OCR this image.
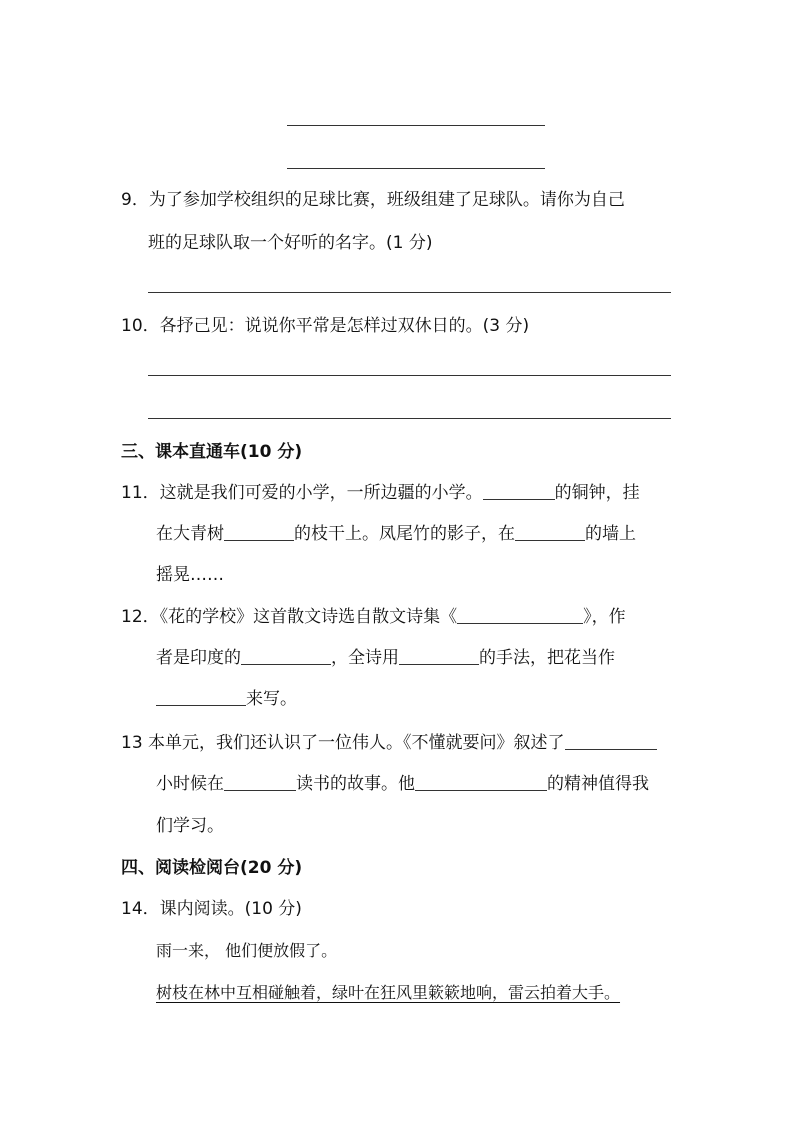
9．为了参加学校组织的足球比赛，班级组建了足球队。请你为自己
班的足球队取一个好听的名字。(1 分)
10．各抒己见：说说你平常是怎样过双休日的。(3 分)
三、课本直通车(10 分)
11．这就是我们可爱的小学，一所边疆的小学。	的铜钟，挂
在大青树	的枝干上。凤尾竹的影子，在	的墙上
摇晃……
12．《花的学校》这首散文诗选自散文诗集《	》，作
者是印度的	，全诗用	的手法，把花当作
来写。
13 本单元，我们还认识了一位伟人。《不懂就要问》叙述了
小时候在	读书的故事。他	的精神值得我
们学习。
四、阅读检阅台(20 分)
14．课内阅读。(10 分)
雨一来， 他们便放假了。
树枝在林中互相碰触着，绿叶在狂风里簌簌地响，雷云拍着大手。
